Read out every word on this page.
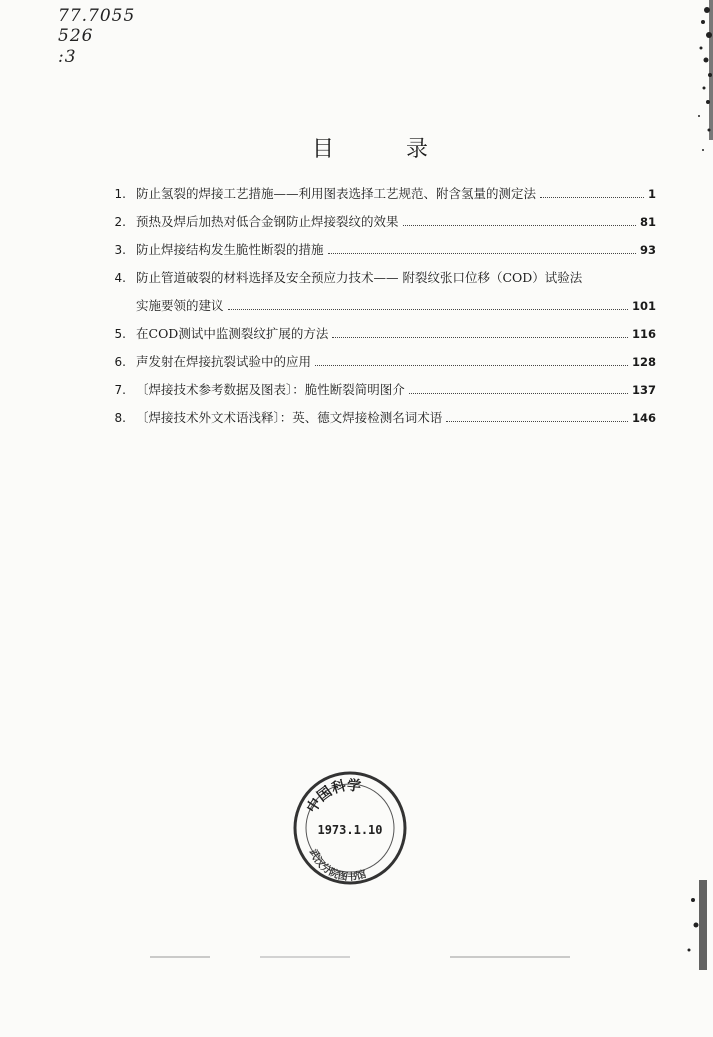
77.7055
526
:3
目	录
1. 防止氢裂的焊接工艺措施——利用图表选择工艺规范、附含氢量的测定法	1
2. 预热及焊后加热对低合金钢防止焊接裂纹的效果	81
3. 防止焊接结构发生脆性断裂的措施	93
4. 防止管道破裂的材料选择及安全预应力技术—— 附裂纹张口位移（COD）试验法
实施要领的建议	101
5. 在COD测试中监测裂纹扩展的方法	116
6. 声发射在焊接抗裂试验中的应用	128
7. 〔焊接技术参考数据及图表〕：脆性断裂简明图介	137
8. 〔焊接技术外文术语浅释〕：英、德文焊接检测名词术语	146
中国科学
1973.1.10
武汉分院图书馆
